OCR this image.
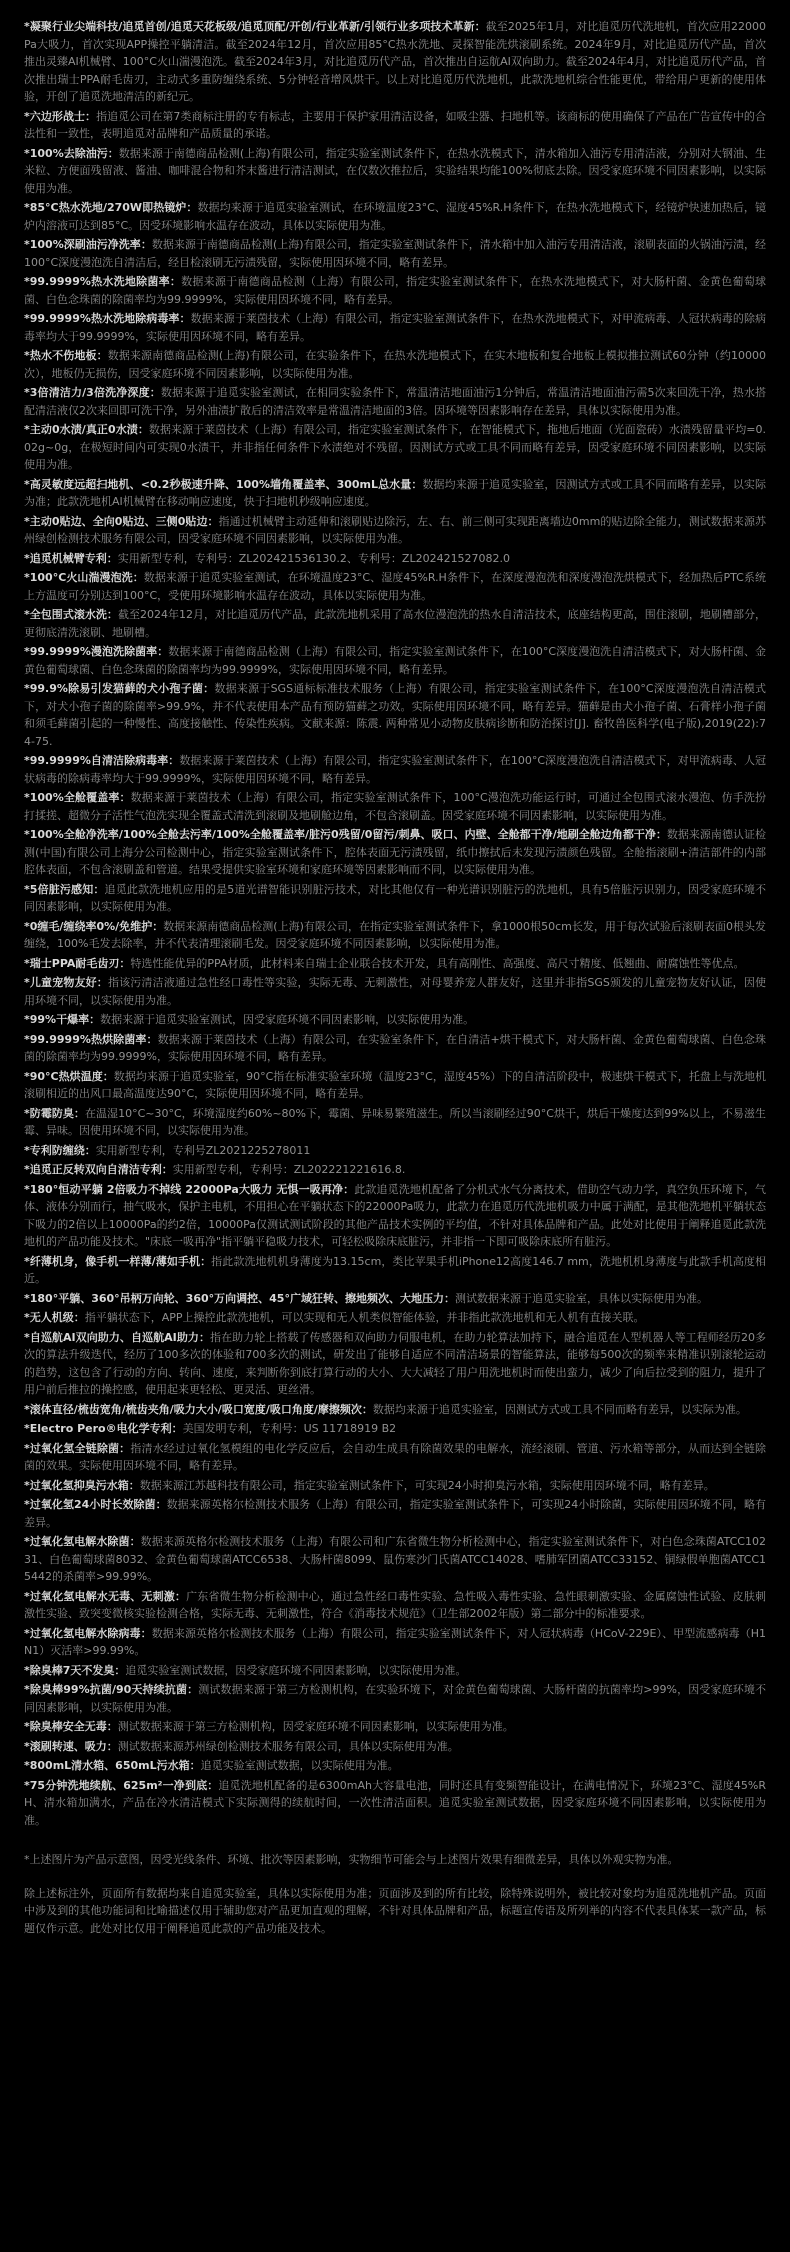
*凝聚行业尖端科技/追觅首创/追觅天花板级/追觅顶配/开创/行业革新/引领行业多项技术革新：截至2025年1月，对比追觅历代洗地机，首次应用22000Pa大吸力，首次实现APP操控平躺清洁。截至2024年12月，首次应用85°C热水洗地、灵探智能洗烘滚刷系统。2024年9月，对比追觅历代产品，首次推出灵臻AI机械臂、100°C火山湍漫泡洗。截至2024年3月，对比追觅历代产品，首次推出自运航AI双向助力。截至2024年4月，对比追觅历代产品，首次推出瑞士PPA耐毛齿刃，主动式多重防缠绕系统、5分钟轻音增风烘干。以上对比追觅历代洗地机，此款洗地机综合性能更优，带给用户更新的使用体验，开创了追觅洗地清洁的新纪元。

*六边形战士：指追觅公司在第7类商标注册的专有标志，主要用于保护家用清洁设备，如吸尘器、扫地机等。该商标的使用确保了产品在广告宣传中的合法性和一致性，表明追觅对品牌和产品质量的承诺。

*100%去除油污：数据来源于南德商品检测(上海)有限公司，指定实验室测试条件下，在热水洗模式下，清水箱加入油污专用清洁液，分别对大钢油、生米粒、方便面残留液、酱油、咖啡混合物和芥末酱进行清洁测试，在仅数次推拉后，实验结果均能100%彻底去除。因受家庭环境不同因素影响，以实际使用为准。

*85°C热水洗地/270W即热镜炉：数据均来源于追觅实验室测试，在环境温度23°C、湿度45%R.H条件下，在热水洗地模式下，经镜炉快速加热后，镜炉内溶液可达到85°C。因受环境影响水温存在波动，具体以实际使用为准。

*100%深刷油污净洗率：数据来源于南德商品检测(上海)有限公司，指定实验室测试条件下，清水箱中加入油污专用清洁液，滚刷表面的火锅油污渍，经100°C深度漫泡洗自清洁后，经目检滚刷无污渍残留，实际使用因环境不同，略有差异。

*99.9999%热水洗地除菌率：数据来源于南德商品检测（上海）有限公司，指定实验室测试条件下，在热水洗地模式下，对大肠杆菌、金黄色葡萄球菌、白色念珠菌的除菌率均为99.9999%，实际使用因环境不同，略有差异。

*99.9999%热水洗地除病毒率：数据来源于莱茵技术（上海）有限公司，指定实验室测试条件下，在热水洗地模式下，对甲流病毒、人冠状病毒的除病毒率均大于99.9999%，实际使用因环境不同，略有差异。

*热水不伤地板：数据来源南德商品检测(上海)有限公司，在实验条件下，在热水洗地模式下，在实木地板和复合地板上模拟推拉测试60分钟（约10000次），地板仍无损伤，因受家庭环境不同因素影响，以实际使用为准。

*3倍清洁力/3倍洗净深度：数据来源于追觅实验室测试，在相同实验条件下，常温清洁地面油污1分钟后，常温清洁地面油污需5次来回洗干净，热水搭配清洁液仅2次来回即可洗干净，另外油渍扩散后的清洁效率是常温清洁地面的3倍。因环境等因素影响存在差异，具体以实际使用为准。

*主动0水渍/真正0水渍：数据来源于莱茵技术（上海）有限公司，指定实验室测试条件下，在智能模式下，拖地后地面（光面瓷砖）水渍残留量平均=0.02g~0g，在极短时间内可实现0水渍干，并非指任何条件下水渍绝对不残留。因测试方式或工具不同而略有差异，因受家庭环境不同因素影响，以实际使用为准。

*高灵敏度远超扫地机、<0.2秒极速升降、100%墙角覆盖率、300mL总水量：数据均来源于追觅实验室，因测试方式或工具不同而略有差异，以实际为准；此款洗地机AI机械臂在移动响应速度，快于扫地机秒级响应速度。

*主动0贴边、全向0贴边、三侧0贴边：指通过机械臂主动延伸和滚刷贴边除污，左、右、前三侧可实现距离墙边0mm的贴边除全能力，测试数据来源苏州绿创检测技术服务有限公司，因受家庭环境不同因素影响，以实际使用为准。

*追觅机械臂专利：实用新型专利，专利号：ZL202421536130.2、专利号：ZL202421527082.0

*100°C火山湍漫泡洗：数据来源于追觅实验室测试，在环境温度23°C、湿度45%R.H条件下，在深度漫泡洗和深度漫泡洗烘模式下，经加热后PTC系统上方温度可分别达到100°C，受使用环境影响水温存在波动，具体以实际使用为准。

*全包围式滚水洗：截至2024年12月，对比追觅历代产品，此款洗地机采用了高水位漫泡洗的热水自清洁技术，底座结构更高，围住滚刷，地刷槽部分，更彻底清洗滚刷、地刷槽。

*99.9999%漫泡洗除菌率：数据来源于南德商品检测（上海）有限公司，指定实验室测试条件下，在100°C深度漫泡洗自清洁模式下，对大肠杆菌、金黄色葡萄球菌、白色念珠菌的除菌率均为99.9999%，实际使用因环境不同，略有差异。

*99.9%除易引发猫藓的犬小孢子菌：数据来源于SGS通标标准技术服务（上海）有限公司，指定实验室测试条件下，在100°C深度漫泡洗自清洁模式下，对犬小孢子菌的除菌率>99.9%，并不代表使用本产品有预防猫藓之功效。实际使用因环境不同，略有差异。猫藓是由犬小孢子菌、石膏样小孢子菌和须毛藓菌引起的一种慢性、高度接触性、传染性疾病。文献来源：陈震. 两种常见小动物皮肤病诊断和防治探讨[J]. 畜牧兽医科学(电子版),2019(22):74-75.

*99.9999%自清洁除病毒率：数据来源于莱茵技术（上海）有限公司，指定实验室测试条件下，在100°C深度漫泡洗自清洁模式下，对甲流病毒、人冠状病毒的除病毒率均大于99.9999%，实际使用因环境不同，略有差异。

*100%全舱覆盖率：数据来源于莱茵技术（上海）有限公司，指定实验室测试条件下，100°C漫泡洗功能运行时，可通过全包围式滚水漫泡、仿手洗扮打揉搓、超微分子活性气泡洗实现全覆盖式清洗到滚刷及地刷舱边角，不包含滚刷盖。因受家庭环境不同因素影响，以实际使用为准。

*100%全舱净洗率/100%全舱去污率/100%全舱覆盖率/脏污0残留/0留污/刺鼻、吸口、内壁、全舱都干净/地刷全舱边角都干净：数据来源南德认证检测(中国)有限公司上海分公司检测中心，指定实验室测试条件下，腔体表面无污渍残留，纸巾擦拭后未发现污渍颜色残留。全舱指滚刷+清洁部件的内部腔体表面，不包含滚刷盖和管道。结果受提供实验室环境和家庭环境等因素影响而不同，以实际使用为准。

*5倍脏污感知：追觅此款洗地机应用的是5道光谱智能识别脏污技术，对比其他仅有一种光谱识别脏污的洗地机，具有5倍脏污识别力，因受家庭环境不同因素影响，以实际使用为准。

*0缠毛/缠绕率0%/免维护：数据来源南德商品检测(上海)有限公司，在指定实验室测试条件下，拿1000根50cm长发，用于每次试验后滚刷表面0根头发缠绕，100%毛发去除率，并不代表清理滚刷毛发。因受家庭环境不同因素影响，以实际使用为准。

*瑞士PPA耐毛齿刃：特选性能优异的PPA材质，此材料来自瑞士企业联合技术开发，具有高刚性、高强度、高尺寸精度、低翘曲、耐腐蚀性等优点。

*儿童宠物友好：指该污清洁液通过急性经口毒性等实验，实际无毒、无刺激性，对母婴养宠人群友好，这里并非指SGS颁发的儿童宠物友好认证，因使用环境不同，以实际使用为准。

*99%干爆率：数据来源于追觅实验室测试，因受家庭环境不同因素影响，以实际使用为准。

*99.9999%热烘除菌率：数据来源于莱茵技术（上海）有限公司，在实验室条件下，在自清洁+烘干模式下，对大肠杆菌、金黄色葡萄球菌、白色念珠菌的除菌率均为99.9999%，实际使用因环境不同，略有差异。

*90°C热烘温度：数据均来源于追觅实验室，90°C指在标准实验室环境（温度23°C，湿度45%）下的自清洁阶段中，极速烘干模式下，托盘上与洗地机滚刷相近的出风口最高温度达90°C，实际使用因环境不同，略有差异。

*防霉防臭：在温湿10°C~30°C，环境湿度约60%~80%下，霉菌、异味易繁殖滋生。所以当滚刷经过90°C烘干，烘后干燥度达到99%以上，不易滋生霉、异味。因使用环境不同，以实际使用为准。

*专利防缠绕：实用新型专利，专利号ZL2021225278011

*追觅正反转双向自清洁专利：实用新型专利，专利号：ZL202221221616.8.

*180°恒动平躺 2倍吸力不掉线 22000Pa大吸力 无惧一吸再净：此款追觅洗地机配备了分机式水气分离技术，借助空气动力学，真空负压环境下，气体、液体分别而行，抽气吸水，保护主电机，不用担心在平躺状态下的22000Pa吸力，此款力在追觅历代洗地机吸力中属于满配，是其他洗地机平躺状态下吸力的2倍以上10000Pa的约2倍，10000Pa仅测试测试阶段的其他产品技术实例的平均值，不针对具体品牌和产品。此处对比使用于阐释追觅此款洗地机的产品功能及技术。"床底一吸再净"指平躺平稳吸力技术，可轻松吸除床底脏污，并非指一下即可吸除床底所有脏污。

*纤薄机身，像手机一样薄/薄如手机：指此款洗地机机身薄度为13.15cm，类比苹果手机iPhone12高度146.7 mm，洗地机机身薄度与此款手机高度相近。

*180°平躺、360°吊柄万向轮、360°万向调控、45°广域狂转、擦地频次、大地压力：测试数据来源于追觅实验室，具体以实际使用为准。

*无人机级：指平躺状态下，APP上操控此款洗地机，可以实现和无人机类似智能体验，并非指此款洗地机和无人机有直接关联。

*自巡航AI双向助力、自巡航AI助力：指在助力轮上搭载了传感器和双向助力伺服电机，在助力轮算法加持下，融合追觅在人型机器人等工程师经历20多次的算法升级迭代，经历了100多次的体验和700多次的测试，研发出了能够自适应不同清洁场景的智能算法，能够每500次的频率来精准识别滚轮运动的趋势，这包含了行动的方向、转向、速度，来判断你到底打算行动的大小、大大减轻了用户用洗地机时而使出蛮力，减少了向后拉受到的阻力，提升了用户前后推拉的操控感，使用起来更轻松、更灵活、更丝滑。

*滚体直径/梳齿宽角/梳齿夹角/吸力大小/吸口宽度/吸口角度/摩擦频次：数据均来源于追觅实验室，因测试方式或工具不同而略有差异，以实际为准。

*Electro Pero®电化学专利：美国发明专利，专利号：US 11718919 B2

*过氧化氢全链除菌：指清水经过过氧化氢模组的电化学反应后，会自动生成具有除菌效果的电解水，流经滚刷、管道、污水箱等部分，从而达到全链除菌的效果。实际使用因环境不同，略有差异。

*过氧化氢抑臭污水箱：数据来源江苏越科技有限公司，指定实验室测试条件下，可实现24小时抑臭污水箱，实际使用因环境不同，略有差异。

*过氧化氢24小时长效除菌：数据来源英格尔检测技术服务（上海）有限公司，指定实验室测试条件下，可实现24小时除菌，实际使用因环境不同，略有差异。

*过氧化氢电解水除菌：数据来源英格尔检测技术服务（上海）有限公司和广东省微生物分析检测中心，指定实验室测试条件下，对白色念珠菌ATCC10231、白色葡萄球菌8032、金黄色葡萄球菌ATCC6538、大肠杆菌8099、鼠伤寒沙门氏菌ATCC14028、嗜肺军团菌ATCC33152、铜绿假单胞菌ATCC15442的杀菌率>99.99%。

*过氧化氢电解水无毒、无刺激：广东省微生物分析检测中心，通过急性经口毒性实验、急性吸入毒性实验、急性眼刺激实验、金属腐蚀性试验、皮肤刺激性实验、致突变微核实验检测合格，实际无毒、无刺激性，符合《消毒技术规范》（卫生部2002年版）第二部分中的标准要求。

*过氧化氢电解水除病毒：数据来源英格尔检测技术服务（上海）有限公司，指定实验室测试条件下，对人冠状病毒（HCoV-229E）、甲型流感病毒（H1N1）灭活率>99.99%。

*除臭棒7天不发臭：追觅实验室测试数据，因受家庭环境不同因素影响，以实际使用为准。

*除臭棒99%抗菌/90天持续抗菌：测试数据来源于第三方检测机构，在实验环境下，对金黄色葡萄球菌、大肠杆菌的抗菌率均>99%，因受家庭环境不同因素影响，以实际使用为准。

*除臭棒安全无毒：测试数据来源于第三方检测机构，因受家庭环境不同因素影响，以实际使用为准。

*滚刷转速、吸力：测试数据来源苏州绿创检测技术服务有限公司，具体以实际使用为准。

*800mL清水箱、650mL污水箱：追觅实验室测试数据，以实际使用为准。

*75分钟洗地续航、625m²一净到底：追觅洗地机配备的是6300mAh大容量电池，同时还具有变频智能设计，在满电情况下，环境23°C、湿度45%RH、清水箱加满水，产品在冷水清洁模式下实际测得的续航时间，一次性清洁面积。追觅实验室测试数据，因受家庭环境不同因素影响，以实际使用为准。

*上述图片为产品示意图，因受光线条件、环境、批次等因素影响，实物细节可能会与上述图片效果有细微差异，具体以外观实物为准。

除上述标注外，页面所有数据均来自追觅实验室，具体以实际使用为准；页面涉及到的所有比较，除特殊说明外，被比较对象均为追觅洗地机产品。页面中涉及到的其他功能词和比喻描述仅用于辅助您对产品更加直观的理解，不针对具体品牌和产品，标题宣传语及所列举的内容不代表具体某一款产品，标题仅作示意。此处对比仅用于阐释追觅此款的产品功能及技术。
